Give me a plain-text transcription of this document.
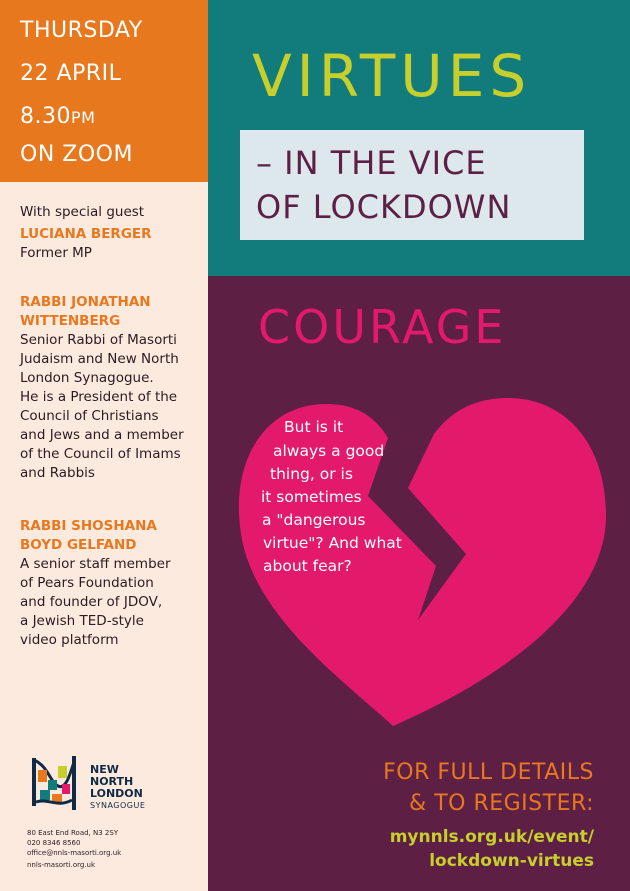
THURSDAY
22 APRIL
8.30PM
ON ZOOM
VIRTUES
– IN THE VICE
OF LOCKDOWN
COURAGE
But is it
always a good
thing, or is
it sometimes
a "dangerous
virtue"? And what
about fear?
With special guest
LUCIANA BERGER
Former MP
RABBI JONATHAN
WITTENBERG
Senior Rabbi of Masorti
Judaism and New North
London Synagogue.
He is a President of the
Council of Christians
and Jews and a member
of the Council of Imams
and Rabbis
RABBI SHOSHANA
BOYD GELFAND
A senior staff member
of Pears Foundation
and founder of JDOV,
a Jewish TED-style
video platform
FOR FULL DETAILS
& TO REGISTER:
mynnls.org.uk/event/
lockdown-virtues
NEW
NORTH
LONDON
SYNAGOGUE
80 East End Road, N3 2SY
020 8346 8560
office@nnls-masorti.org.uk
nnls-masorti.org.uk
